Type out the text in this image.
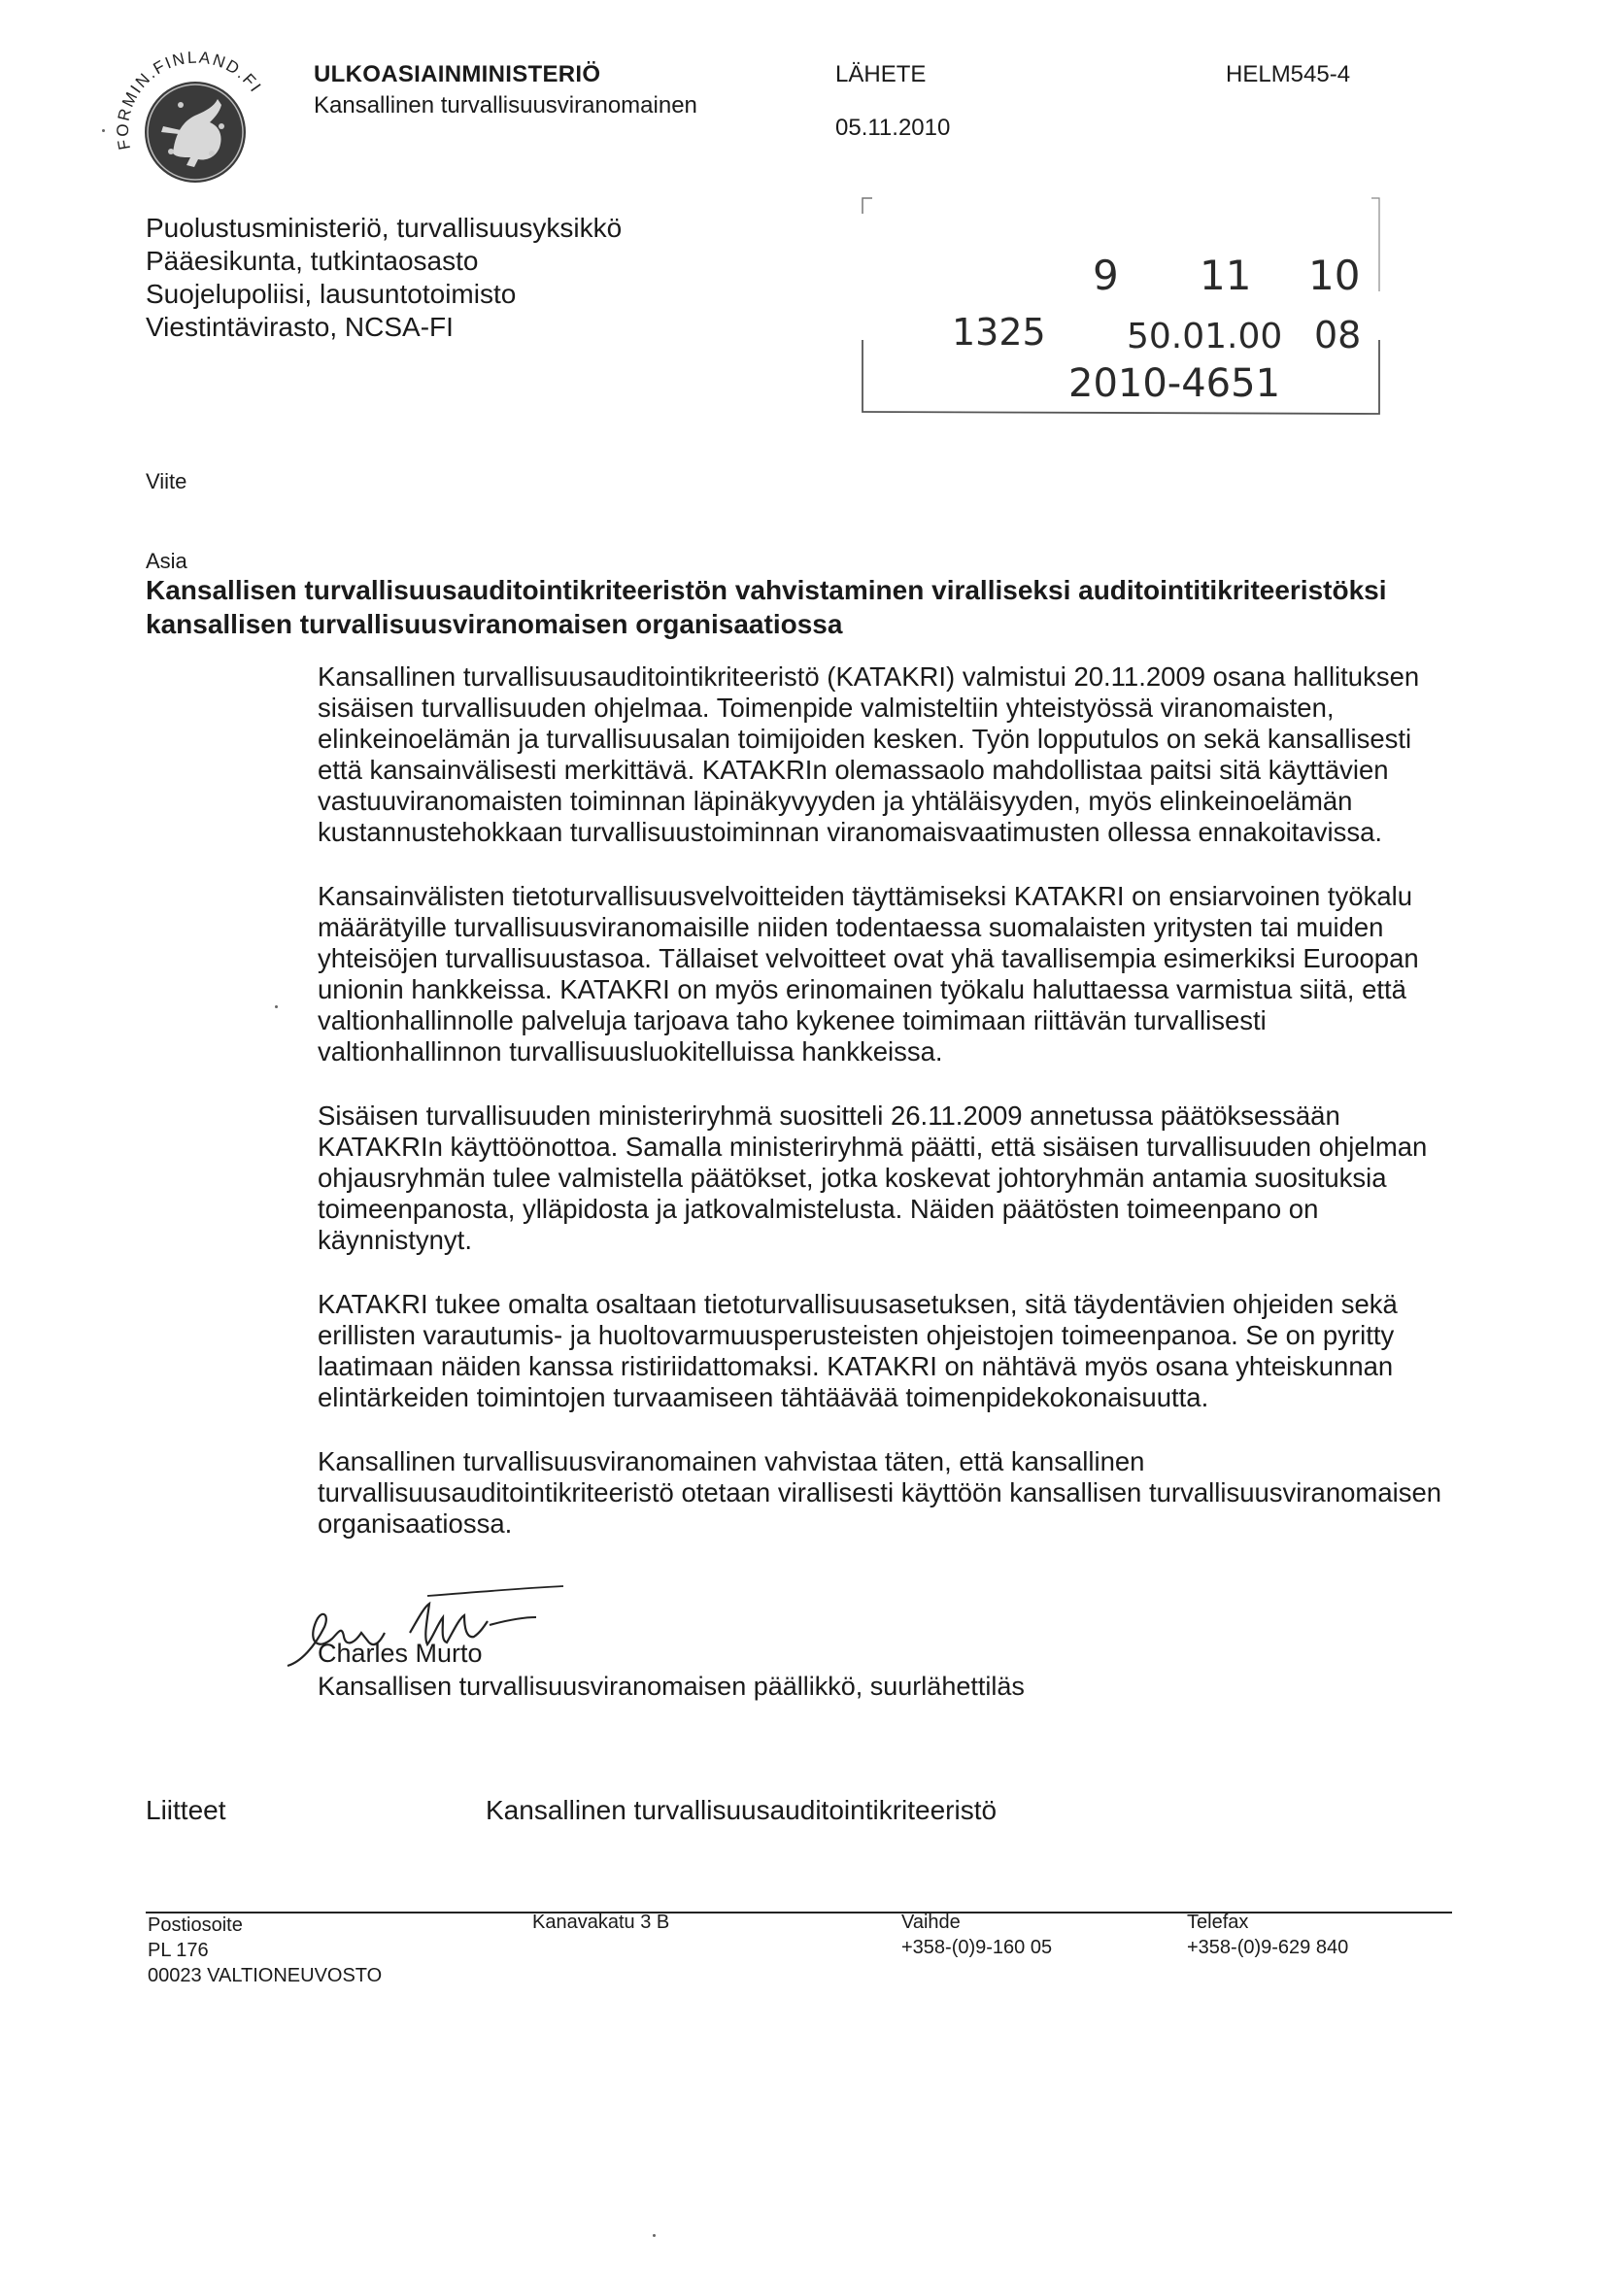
FORMIN.FINLAND.FI
ULKOASIAINMINISTERIÖ
Kansallinen turvallisuusviranomainen
LÄHETE
05.11.2010
HELM545-4
Puolustusministeriö, turvallisuusyksikkö
Pääesikunta, tutkintaosasto
Suojelupoliisi, lausuntotoimisto
Viestintävirasto, NCSA-FI
9 11 10
1325 50.01.00 08
2010-4651
Viite
Asia
Kansallisen turvallisuusauditointikriteeristön vahvistaminen viralliseksi auditointitikriteeristöksi kansallisen turvallisuusviranomaisen organisaatiossa

Kansallinen turvallisuusauditointikriteeristö (KATAKRI) valmistui 20.11.2009 osana hallituksen sisäisen turvallisuuden ohjelmaa. Toimenpide valmisteltiin yhteistyössä viranomaisten, elinkeinoelämän ja turvallisuusalan toimijoiden kesken. Työn lopputulos on sekä kansallisesti että kansainvälisesti merkittävä. KATAKRIn olemassaolo mahdollistaa paitsi sitä käyttävien vastuuviranomaisten toiminnan läpinäkyvyyden ja yhtäläisyyden, myös elinkeinoelämän kustannustehokkaan turvallisuustoiminnan viranomaisvaatimusten ollessa ennakoitavissa.

Kansainvälisten tietoturvallisuusvelvoitteiden täyttämiseksi KATAKRI on ensiarvoinen työkalu määrätyille turvallisuusviranomaisille niiden todentaessa suomalaisten yritysten tai muiden yhteisöjen turvallisuustasoa. Tällaiset velvoitteet ovat yhä tavallisempia esimerkiksi Euroopan unionin hankkeissa. KATAKRI on myös erinomainen työkalu haluttaessa varmistua siitä, että valtionhallinnolle palveluja tarjoava taho kykenee toimimaan riittävän turvallisesti valtionhallinnon turvallisuusluokitelluissa hankkeissa.

Sisäisen turvallisuuden ministeriryhmä suositteli 26.11.2009 annetussa päätöksessään KATAKRIn käyttöönottoa. Samalla ministeriryhmä päätti, että sisäisen turvallisuuden ohjelman ohjausryhmän tulee valmistella päätökset, jotka koskevat johtoryhmän antamia suosituksia toimeenpanosta, ylläpidosta ja jatkovalmistelusta. Näiden päätösten toimeenpano on käynnistynyt.

KATAKRI tukee omalta osaltaan tietoturvallisuusasetuksen, sitä täydentävien ohjeiden sekä erillisten varautumis- ja huoltovarmuusperusteisten ohjeistojen toimeenpanoa. Se on pyritty laatimaan näiden kanssa ristiriidattomaksi. KATAKRI on nähtävä myös osana yhteiskunnan elintärkeiden toimintojen turvaamiseen tähtäävää toimenpidekokonaisuutta.

Kansallinen turvallisuusviranomainen vahvistaa täten, että kansallinen turvallisuusauditointikriteeristö otetaan virallisesti käyttöön kansallisen turvallisuusviranomaisen organisaatiossa.

Charles Murto
Kansallisen turvallisuusviranomaisen päällikkö, suurlähettiläs
Liitteet	Kansallinen turvallisuusauditointikriteeristö
Postiosoite
PL 176
00023 VALTIONEUVOSTO
Kanavakatu 3 B	Vaihde
+358-(0)9-160 05
Telefax
+358-(0)9-629 840
